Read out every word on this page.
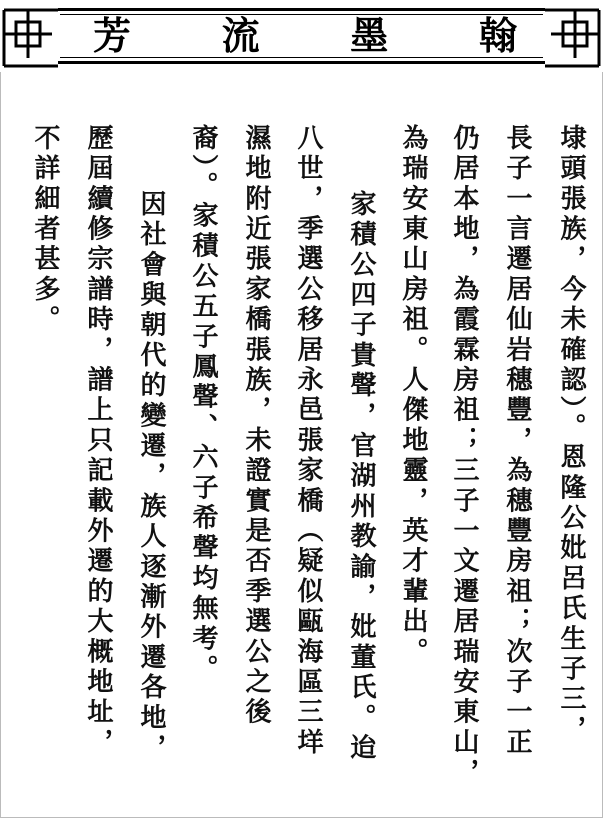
翰
墨
流
芳
埭頭張族，今未確認）。恩隆公妣呂氏生子三，
長子一言遷居仙岩穗豐，為穗豐房祖；次子一正
仍居本地，為霞霖房祖；三子一文遷居瑞安東山，
為瑞安東山房祖。人傑地靈，英才輩出。
家積公四子貴聲，官湖州教諭，妣董氏。迨
八世，季選公移居永邑張家橋（疑似甌海區三垟
濕地附近張家橋張族，未證實是否季選公之後
裔）。家積公五子鳳聲、六子希聲均無考。
因社會與朝代的變遷，族人逐漸外遷各地，
歷屆續修宗譜時，譜上只記載外遷的大概地址，
不詳細者甚多。
